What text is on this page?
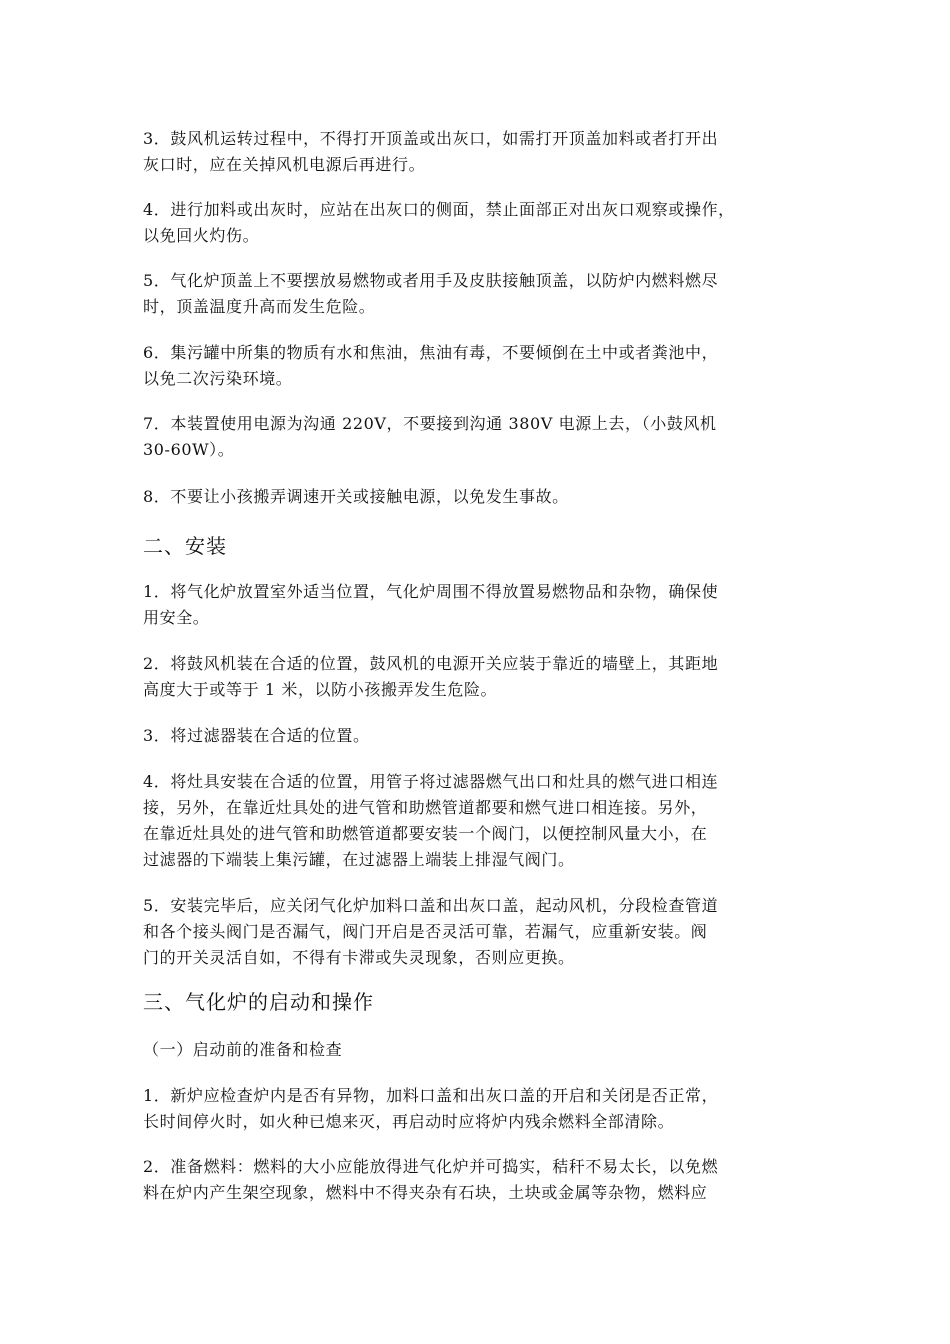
3．鼓风机运转过程中，不得打开顶盖或出灰口，如需打开顶盖加料或者打开出
灰口时，应在关掉风机电源后再进行。

4．进行加料或出灰时，应站在出灰口的侧面，禁止面部正对出灰口观察或操作，
以免回火灼伤。

5．气化炉顶盖上不要摆放易燃物或者用手及皮肤接触顶盖，以防炉内燃料燃尽
时，顶盖温度升高而发生危险。

6．集污罐中所集的物质有水和焦油，焦油有毒，不要倾倒在土中或者粪池中，
以免二次污染环境。

7．本装置使用电源为沟通 220V，不要接到沟通 380V 电源上去，（小鼓风机
30-60W）。

8．不要让小孩搬弄调速开关或接触电源，以免发生事故。

二、安装

1．将气化炉放置室外适当位置，气化炉周围不得放置易燃物品和杂物，确保使
用安全。

2．将鼓风机装在合适的位置，鼓风机的电源开关应装于靠近的墙壁上，其距地
高度大于或等于 1 米，以防小孩搬弄发生危险。

3．将过滤器装在合适的位置。

4．将灶具安装在合适的位置，用管子将过滤器燃气出口和灶具的燃气进口相连
接，另外，在靠近灶具处的进气管和助燃管道都要和燃气进口相连接。另外，
在靠近灶具处的进气管和助燃管道都要安装一个阀门，以便控制风量大小，在
过滤器的下端装上集污罐，在过滤器上端装上排湿气阀门。

5．安装完毕后，应关闭气化炉加料口盖和出灰口盖，起动风机，分段检查管道
和各个接头阀门是否漏气，阀门开启是否灵活可靠，若漏气，应重新安装。阀
门的开关灵活自如，不得有卡滞或失灵现象，否则应更换。

三、气化炉的启动和操作

（一）启动前的准备和检查

1．新炉应检查炉内是否有异物，加料口盖和出灰口盖的开启和关闭是否正常，
长时间停火时，如火种已熄来灭，再启动时应将炉内残余燃料全部清除。

2．准备燃料：燃料的大小应能放得进气化炉并可捣实，秸秆不易太长，以免燃
料在炉内产生架空现象，燃料中不得夹杂有石块，土块或金属等杂物，燃料应
